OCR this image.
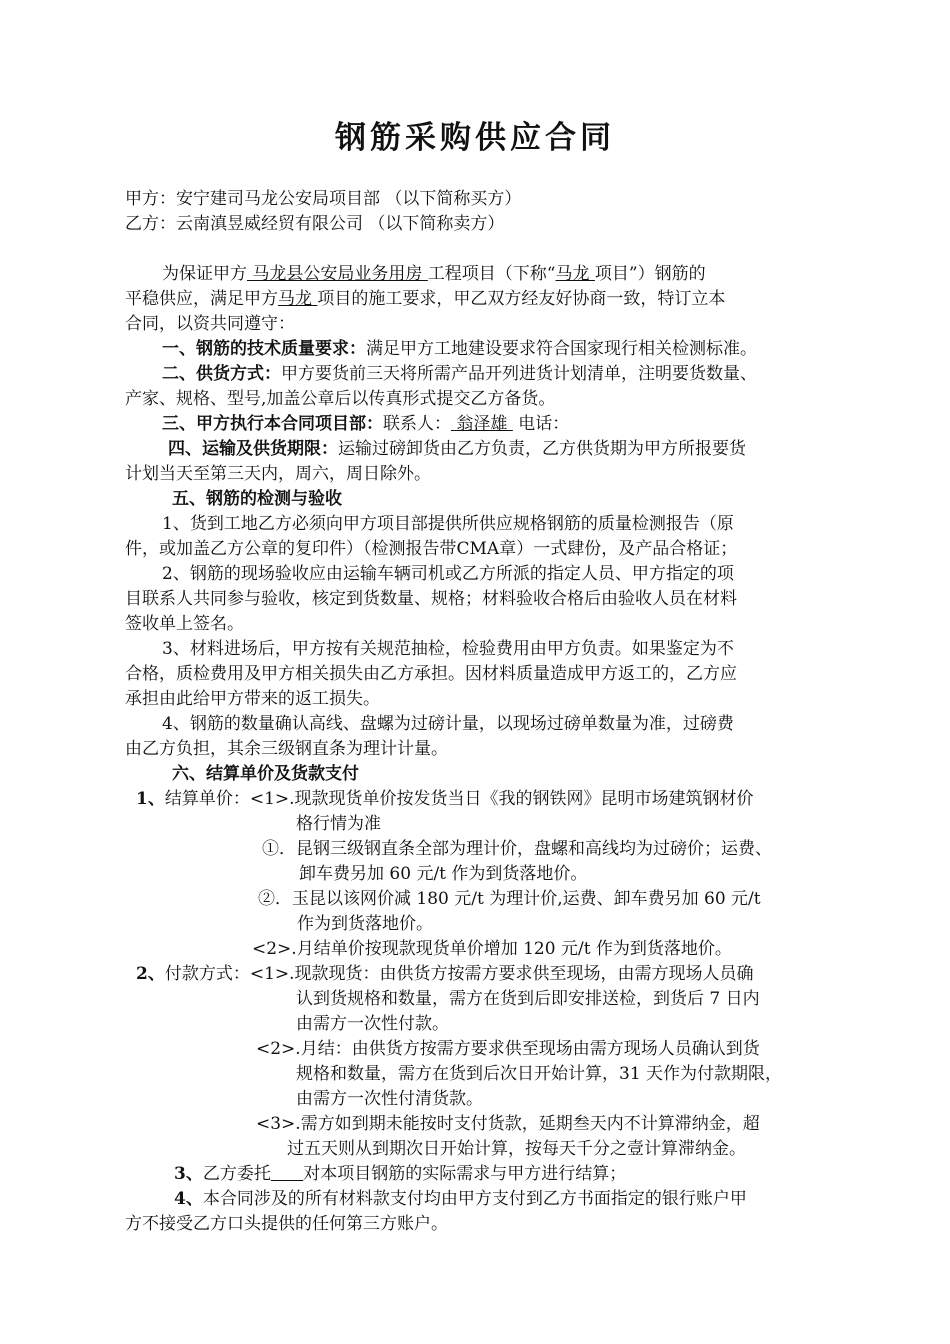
钢筋采购供应合同
甲方：安宁建司马龙公安局项目部 （以下简称买方）
乙方：云南滇昱威经贸有限公司 （以下简称卖方）
为保证甲方 马龙县公安局业务用房 工程项目（下称“马龙 项目”）钢筋的
平稳供应，满足甲方马龙 项目的施工要求，甲乙双方经友好协商一致，特订立本
合同，以资共同遵守：
一、钢筋的技术质量要求：满足甲方工地建设要求符合国家现行相关检测标准。
二、供货方式：甲方要货前三天将所需产品开列进货计划清单，注明要货数量、
产家、规格、型号,加盖公章后以传真形式提交乙方备货。
三、甲方执行本合同项目部：联系人： 翁泽雄  电话：
四、运输及供货期限：运输过磅卸货由乙方负责，乙方供货期为甲方所报要货
计划当天至第三天内，周六，周日除外。
五、钢筋的检测与验收
1、货到工地乙方必须向甲方项目部提供所供应规格钢筋的质量检测报告（原
件，或加盖乙方公章的复印件）（检测报告带CMA章）一式肆份，及产品合格证；
2、钢筋的现场验收应由运输车辆司机或乙方所派的指定人员、甲方指定的项
目联系人共同参与验收，核定到货数量、规格；材料验收合格后由验收人员在材料
签收单上签名。
3、材料进场后，甲方按有关规范抽检，检验费用由甲方负责。如果鉴定为不
合格，质检费用及甲方相关损失由乙方承担。因材料质量造成甲方返工的，乙方应
承担由此给甲方带来的返工损失。
4、钢筋的数量确认高线、盘螺为过磅计量，以现场过磅单数量为准，过磅费
由乙方负担，其余三级钢直条为理计计量。
六、结算单价及货款支付
1、结算单价：<1>.现款现货单价按发货当日《我的钢铁网》昆明市场建筑钢材价
格行情为准
①．昆钢三级钢直条全部为理计价，盘螺和高线均为过磅价；运费、
卸车费另加 60 元/t 作为到货落地价。
②．玉昆以该网价减 180 元/t 为理计价,运费、卸车费另加 60 元/t
作为到货落地价。
<2>.月结单价按现款现货单价增加 120 元/t 作为到货落地价。
2、付款方式：<1>.现款现货：由供货方按需方要求供至现场，由需方现场人员确
认到货规格和数量，需方在货到后即安排送检，到货后 7 日内
由需方一次性付款。
<2>.月结：由供货方按需方要求供至现场由需方现场人员确认到货
规格和数量，需方在货到后次日开始计算，31 天作为付款期限，
由需方一次性付清货款。
<3>.需方如到期未能按时支付货款，延期叁天内不计算滞纳金，超
过五天则从到期次日开始计算，按每天千分之壹计算滞纳金。
3、乙方委托 对本项目钢筋的实际需求与甲方进行结算；
4、本合同涉及的所有材料款支付均由甲方支付到乙方书面指定的银行账户甲
方不接受乙方口头提供的任何第三方账户。
